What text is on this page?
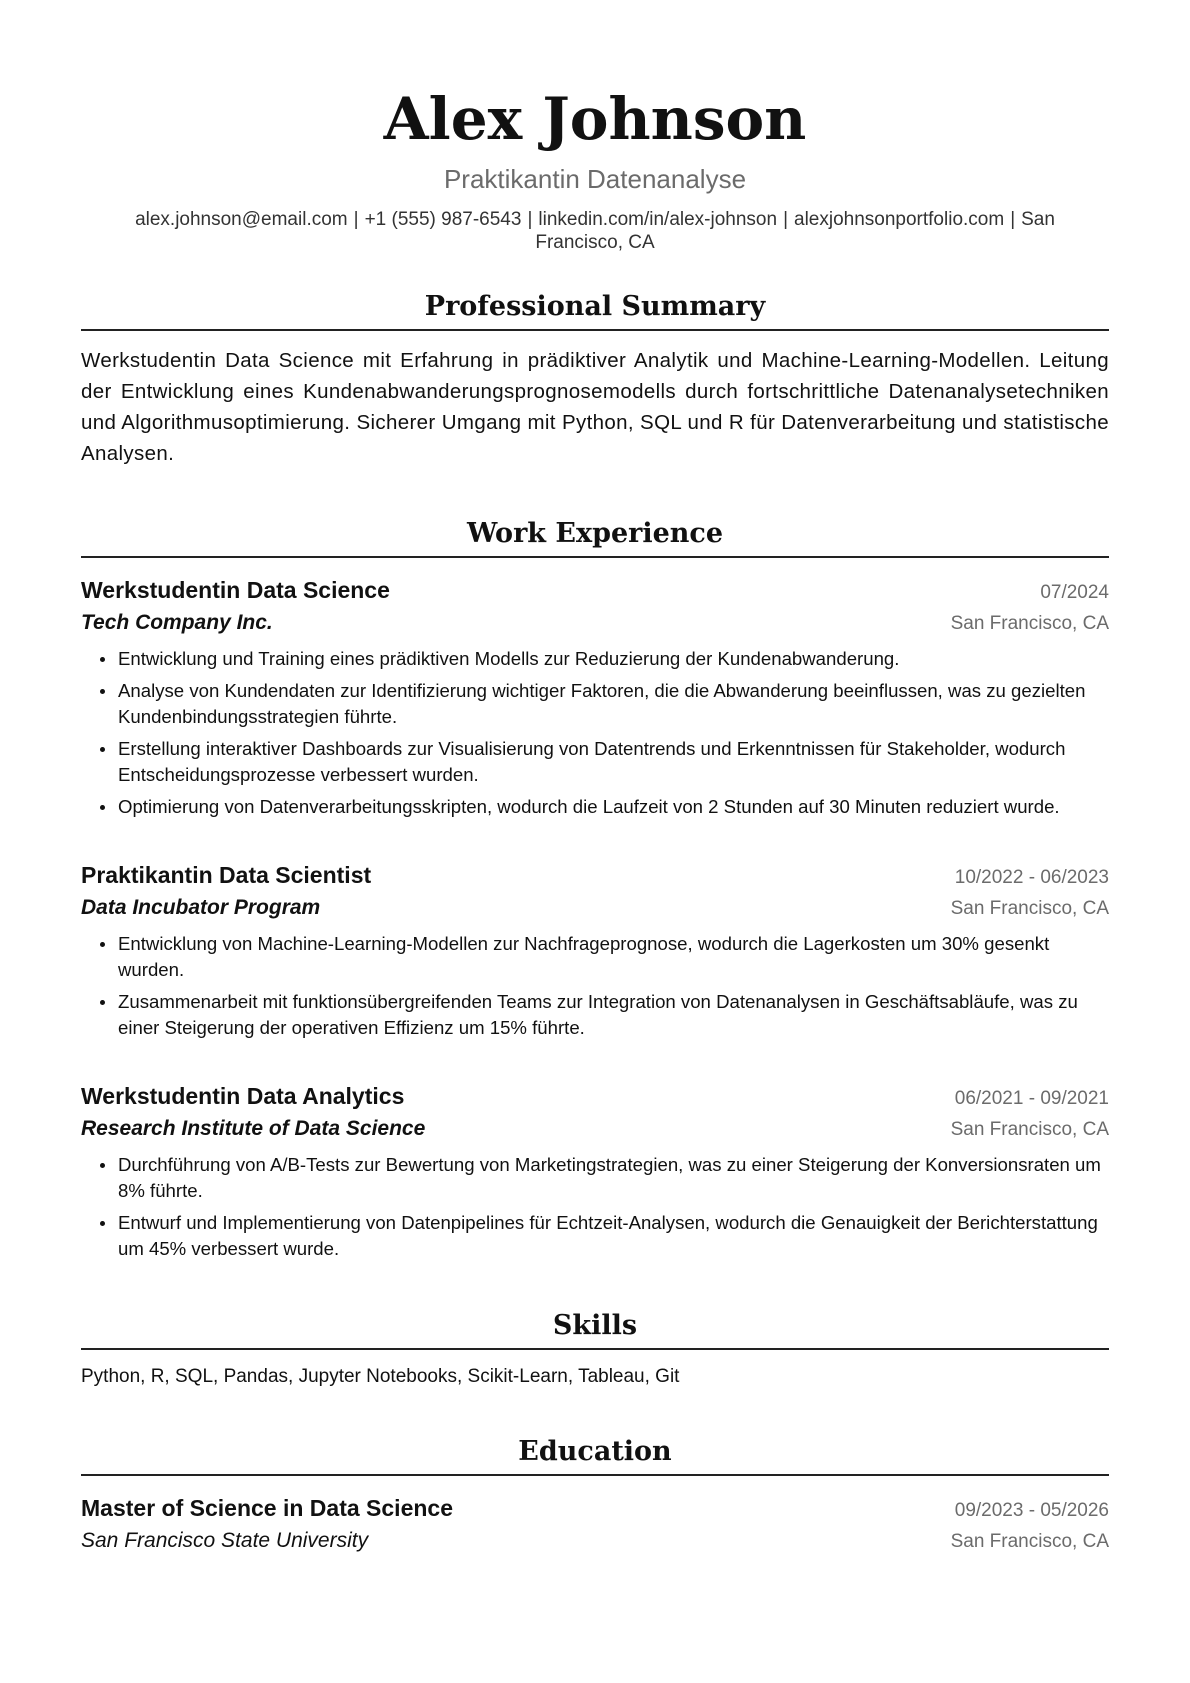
Alex Johnson
Praktikantin Datenanalyse
alex.johnson@email.com | +1 (555) 987-6543 | linkedin.com/in/alex-johnson | alexjohnsonportfolio.com | San Francisco, CA
Professional Summary
Werkstudentin Data Science mit Erfahrung in prädiktiver Analytik und Machine-Learning-Modellen. Leitung der Entwicklung eines Kundenabwanderungsprognosemodells durch fortschrittliche Datenanalysetechniken und Algorithmusoptimierung. Sicherer Umgang mit Python, SQL und R für Datenverarbeitung und statistische Analysen.
Work Experience
Werkstudentin Data Science	07/2024
Tech Company Inc.	San Francisco, CA
Entwicklung und Training eines prädiktiven Modells zur Reduzierung der Kundenabwanderung.
Analyse von Kundendaten zur Identifizierung wichtiger Faktoren, die die Abwanderung beeinflussen, was zu gezielten Kundenbindungsstrategien führte.
Erstellung interaktiver Dashboards zur Visualisierung von Datentrends und Erkenntnissen für Stakeholder, wodurch Entscheidungsprozesse verbessert wurden.
Optimierung von Datenverarbeitungsskripten, wodurch die Laufzeit von 2 Stunden auf 30 Minuten reduziert wurde.
Praktikantin Data Scientist	10/2022 - 06/2023
Data Incubator Program	San Francisco, CA
Entwicklung von Machine-Learning-Modellen zur Nachfrageprognose, wodurch die Lagerkosten um 30% gesenkt wurden.
Zusammenarbeit mit funktionsübergreifenden Teams zur Integration von Datenanalysen in Geschäftsabläufe, was zu einer Steigerung der operativen Effizienz um 15% führte.
Werkstudentin Data Analytics	06/2021 - 09/2021
Research Institute of Data Science	San Francisco, CA
Durchführung von A/B-Tests zur Bewertung von Marketingstrategien, was zu einer Steigerung der Konversionsraten um 8% führte.
Entwurf und Implementierung von Datenpipelines für Echtzeit-Analysen, wodurch die Genauigkeit der Berichterstattung um 45% verbessert wurde.
Skills
Python, R, SQL, Pandas, Jupyter Notebooks, Scikit-Learn, Tableau, Git
Education
Master of Science in Data Science	09/2023 - 05/2026
San Francisco State University	San Francisco, CA
